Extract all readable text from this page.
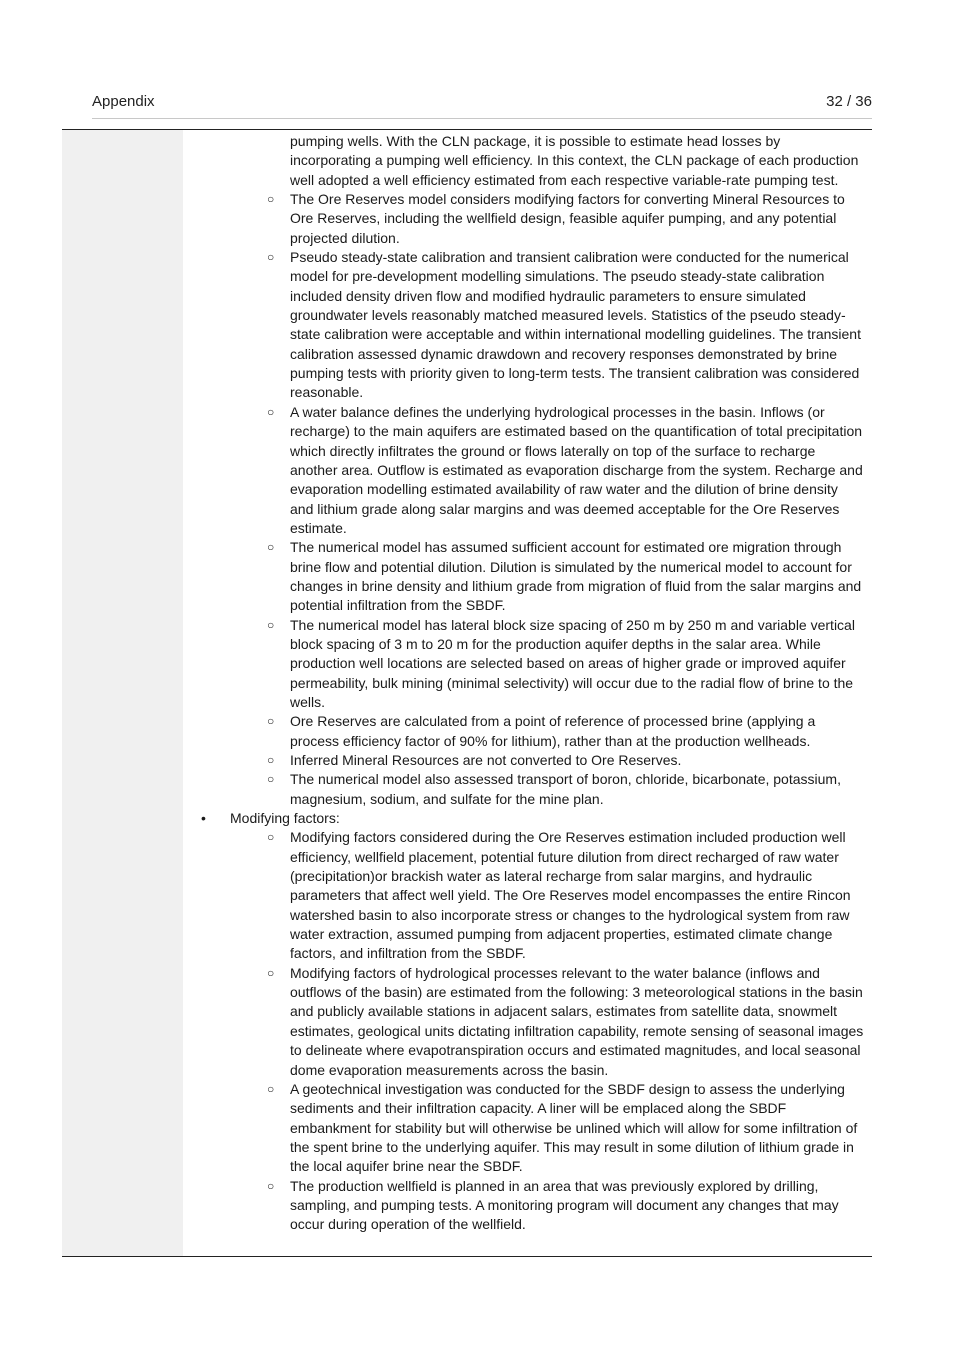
Appendix	32 / 36

pumping wells. With the CLN package, it is possible to estimate head losses by incorporating a pumping well efficiency. In this context, the CLN package of each production well adopted a well efficiency estimated from each respective variable-rate pumping test.

○ The Ore Reserves model considers modifying factors for converting Mineral Resources to Ore Reserves, including the wellfield design, feasible aquifer pumping, and any potential projected dilution.

○ Pseudo steady-state calibration and transient calibration were conducted for the numerical model for pre-development modelling simulations. The pseudo steady-state calibration included density driven flow and modified hydraulic parameters to ensure simulated groundwater levels reasonably matched measured levels. Statistics of the pseudo steady-state calibration were acceptable and within international modelling guidelines. The transient calibration assessed dynamic drawdown and recovery responses demonstrated by brine pumping tests with priority given to long-term tests. The transient calibration was considered reasonable.

○ A water balance defines the underlying hydrological processes in the basin. Inflows (or recharge) to the main aquifers are estimated based on the quantification of total precipitation which directly infiltrates the ground or flows laterally on top of the surface to recharge another area. Outflow is estimated as evaporation discharge from the system. Recharge and evaporation modelling estimated availability of raw water and the dilution of brine density and lithium grade along salar margins and was deemed acceptable for the Ore Reserves estimate.

○ The numerical model has assumed sufficient account for estimated ore migration through brine flow and potential dilution. Dilution is simulated by the numerical model to account for changes in brine density and lithium grade from migration of fluid from the salar margins and potential infiltration from the SBDF.

○ The numerical model has lateral block size spacing of 250 m by 250 m and variable vertical block spacing of 3 m to 20 m for the production aquifer depths in the salar area. While production well locations are selected based on areas of higher grade or improved aquifer permeability, bulk mining (minimal selectivity) will occur due to the radial flow of brine to the wells.

○ Ore Reserves are calculated from a point of reference of processed brine (applying a process efficiency factor of 90% for lithium), rather than at the production wellheads.

○ Inferred Mineral Resources are not converted to Ore Reserves.

○ The numerical model also assessed transport of boron, chloride, bicarbonate, potassium, magnesium, sodium, and sulfate for the mine plan.

• Modifying factors:

○ Modifying factors considered during the Ore Reserves estimation included production well efficiency, wellfield placement, potential future dilution from direct recharged of raw water (precipitation)or brackish water as lateral recharge from salar margins, and hydraulic parameters that affect well yield. The Ore Reserves model encompasses the entire Rincon watershed basin to also incorporate stress or changes to the hydrological system from raw water extraction, assumed pumping from adjacent properties, estimated climate change factors, and infiltration from the SBDF.

○ Modifying factors of hydrological processes relevant to the water balance (inflows and outflows of the basin) are estimated from the following: 3 meteorological stations in the basin and publicly available stations in adjacent salars, estimates from satellite data, snowmelt estimates, geological units dictating infiltration capability, remote sensing of seasonal images to delineate where evapotranspiration occurs and estimated magnitudes, and local seasonal dome evaporation measurements across the basin.

○ A geotechnical investigation was conducted for the SBDF design to assess the underlying sediments and their infiltration capacity. A liner will be emplaced along the SBDF embankment for stability but will otherwise be unlined which will allow for some infiltration of the spent brine to the underlying aquifer. This may result in some dilution of lithium grade in the local aquifer brine near the SBDF.

○ The production wellfield is planned in an area that was previously explored by drilling, sampling, and pumping tests. A monitoring program will document any changes that may occur during operation of the wellfield.
